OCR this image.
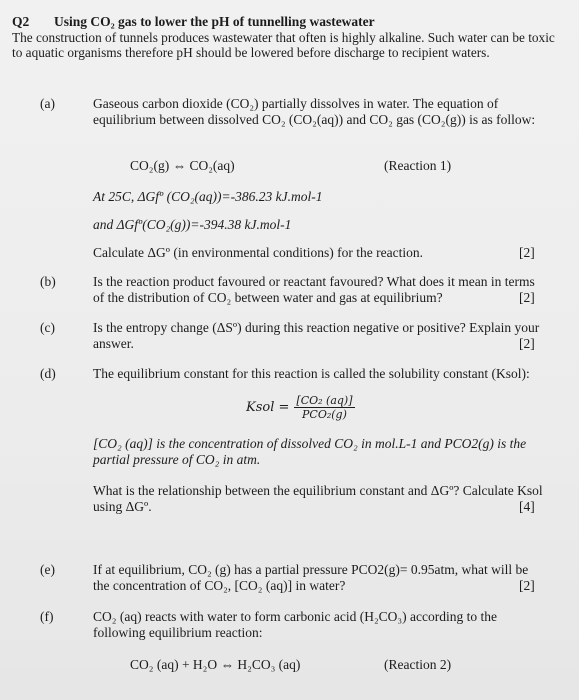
Q2 Using CO₂ gas to lower the pH of tunnelling wastewater
The construction of tunnels produces wastewater that often is highly alkaline. Such water can be toxic to aquatic organisms therefore pH should be lowered before discharge to recipient waters.
(a)	Gaseous carbon dioxide (CO₂) partially dissolves in water. The equation of equilibrium between dissolved CO₂ (CO₂(aq)) and CO₂ gas (CO₂(g)) is as follow:
CO₂(g) ⇔ CO₂(aq)	(Reaction 1)
At 25C, ΔGfº (CO₂(aq))=-386.23 kJ.mol-1
and ΔGfº(CO₂(g))=-394.38 kJ.mol-1
Calculate ΔGº (in environmental conditions) for the reaction.	[2]
(b)	Is the reaction product favoured or reactant favoured? What does it mean in terms of the distribution of CO₂ between water and gas at equilibrium?	[2]
(c)	Is the entropy change (ΔSº) during this reaction negative or positive? Explain your answer.	[2]
(d)	The equilibrium constant for this reaction is called the solubility constant (Ksol):
Ksol = $\frac{\text{[CO₂ (aq)]}}{\text{PCO₂(g)}}$
[CO₂ (aq)] is the concentration of dissolved CO₂ in mol.L-1 and PCO2(g) is the partial pressure of CO₂ in atm.
What is the relationship between the equilibrium constant and ΔGº? Calculate Ksol using ΔGº.	[4]
(e)	If at equilibrium, CO₂ (g) has a partial pressure PCO2(g)= 0.95atm, what will be the concentration of CO₂, [CO₂ (aq)] in water?	[2]
(f)	CO₂ (aq) reacts with water to form carbonic acid (H₂CO₃) according to the following equilibrium reaction:
CO₂ (aq) + H₂O ⇔ H₂CO₃ (aq)	(Reaction 2)
